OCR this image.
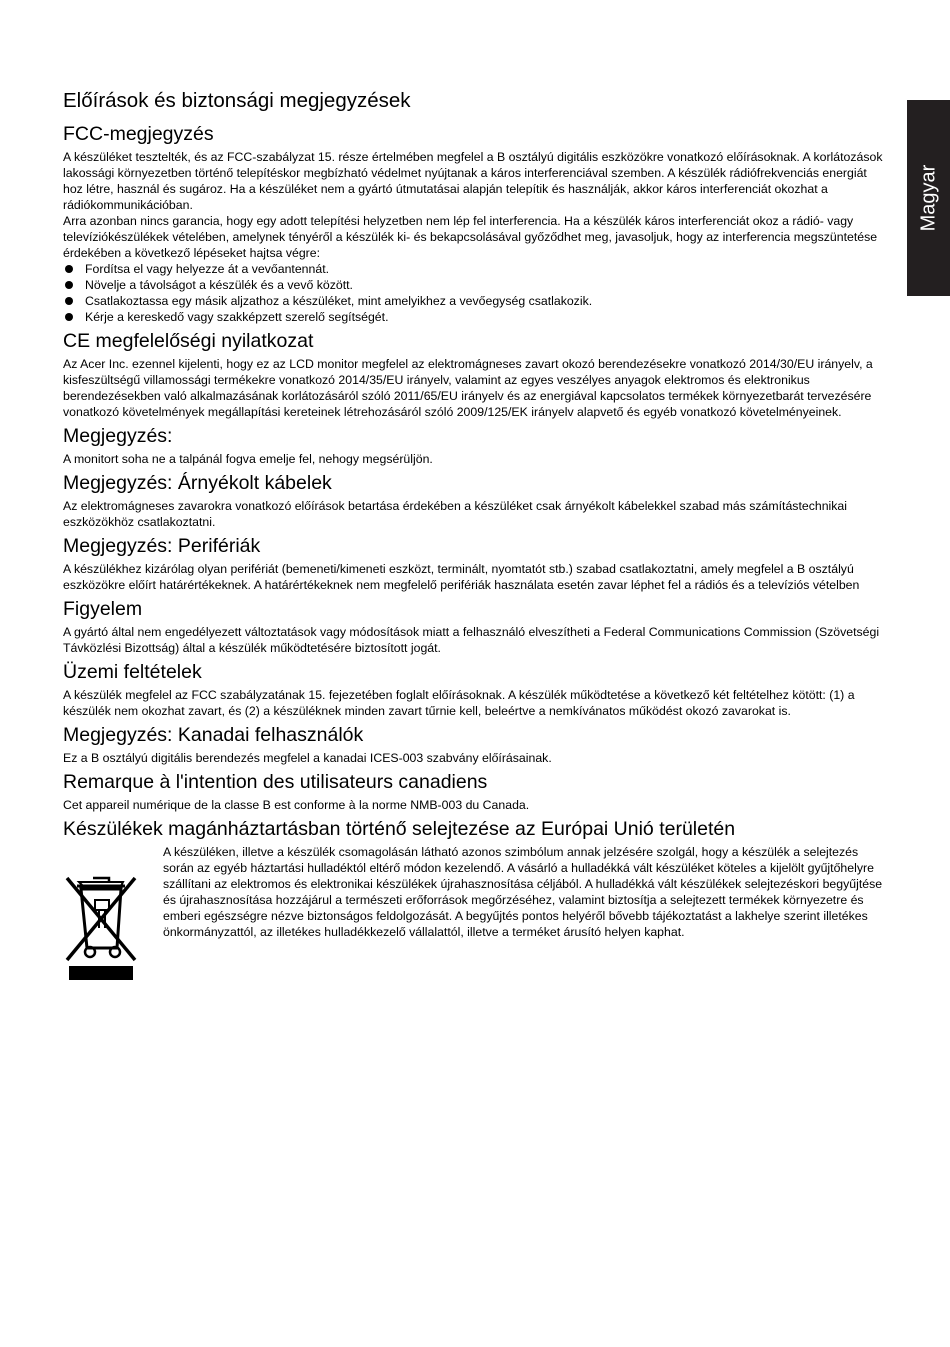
Magyar
Előírások és biztonsági megjegyzések
FCC-megjegyzés

A készüléket tesztelték, és az FCC-szabályzat 15. része értelmében megfelel a B osztályú digitális eszközökre vonatkozó előírásoknak. A korlátozások lakossági környezetben történő telepítéskor megbízható védelmet nyújtanak a káros interferenciával szemben. A készülék rádiófrekvenciás energiát hoz létre, használ és sugároz. Ha a készüléket nem a gyártó útmutatásai alapján telepítik és használják, akkor káros interferenciát okozhat a rádiókommunikációban.

Arra azonban nincs garancia, hogy egy adott telepítési helyzetben nem lép fel interferencia. Ha a készülék káros interferenciát okoz a rádió- vagy televíziókészülékek vételében, amelynek tényéről a készülék ki- és bekapcsolásával győződhet meg, javasoljuk, hogy az interferencia megszüntetése érdekében a következő lépéseket hajtsa végre:

Fordítsa el vagy helyezze át a vevőantennát.
Növelje a távolságot a készülék és a vevő között.
Csatlakoztassa egy másik aljzathoz a készüléket, mint amelyikhez a vevőegység csatlakozik.
Kérje a kereskedő vagy szakképzett szerelő segítségét.
CE megfelelőségi nyilatkozat

Az Acer Inc. ezennel kijelenti, hogy ez az LCD monitor megfelel az elektromágneses zavart okozó berendezésekre vonatkozó 2014/30/EU irányelv, a kisfeszültségű villamossági termékekre vonatkozó 2014/35/EU irányelv, valamint az egyes veszélyes anyagok elektromos és elektronikus berendezésekben való alkalmazásának korlátozásáról szóló 2011/65/EU irányelv és az energiával kapcsolatos termékek környezetbarát tervezésére vonatkozó követelmények megállapítási kereteinek létrehozásáról szóló 2009/125/EK irányelv alapvető és egyéb vonatkozó követelményeinek.

Megjegyzés:

A monitort soha ne a talpánál fogva emelje fel, nehogy megsérüljön.

Megjegyzés: Árnyékolt kábelek

Az elektromágneses zavarokra vonatkozó előírások betartása érdekében a készüléket csak árnyékolt kábelekkel szabad más számítástechnikai eszközökhöz csatlakoztatni.

Megjegyzés: Perifériák

A készülékhez kizárólag olyan perifériát (bemeneti/kimeneti eszközt, terminált, nyomtatót stb.) szabad csatlakoztatni, amely megfelel a B osztályú eszközökre előírt határértékeknek. A határértékeknek nem megfelelő perifériák használata esetén zavar léphet fel a rádiós és a televíziós vételben

Figyelem

A gyártó által nem engedélyezett változtatások vagy módosítások miatt a felhasználó elveszítheti a Federal Communications Commission (Szövetségi Távközlési Bizottság) által a készülék működtetésére biztosított jogát.

Üzemi feltételek

A készülék megfelel az FCC szabályzatának 15. fejezetében foglalt előírásoknak. A készülék működtetése a következő két feltételhez kötött: (1) a készülék nem okozhat zavart, és (2) a készüléknek minden zavart tűrnie kell, beleértve a nemkívánatos működést okozó zavarokat is.

Megjegyzés: Kanadai felhasználók

Ez a B osztályú digitális berendezés megfelel a kanadai ICES-003 szabvány előírásainak.

Remarque à l'intention des utilisateurs canadiens

Cet appareil numérique de la classe B est conforme à la norme NMB-003 du Canada.

Készülékek magánháztartásban történő selejtezése az Európai Unió területén

A készüléken, illetve a készülék csomagolásán látható azonos szimbólum annak jelzésére szolgál, hogy a készülék a selejtezés során az egyéb háztartási hulladéktól eltérő módon kezelendő. A vásárló a hulladékká vált készüléket köteles a kijelölt gyűjtőhelyre szállítani az elektromos és elektronikai készülékek újrahasznosítása céljából. A hulladékká vált készülékek selejtezéskori begyűjtése és újrahasznosítása hozzájárul a természeti erőforrások megőrzéséhez, valamint biztosítja a selejtezett termékek környezetre és emberi egészségre nézve biztonságos feldolgozását. A begyűjtés pontos helyéről bővebb tájékoztatást a lakhelye szerint illetékes önkormányzattól, az illetékes hulladékkezelő vállalattól, illetve a terméket árusító helyen kaphat.
